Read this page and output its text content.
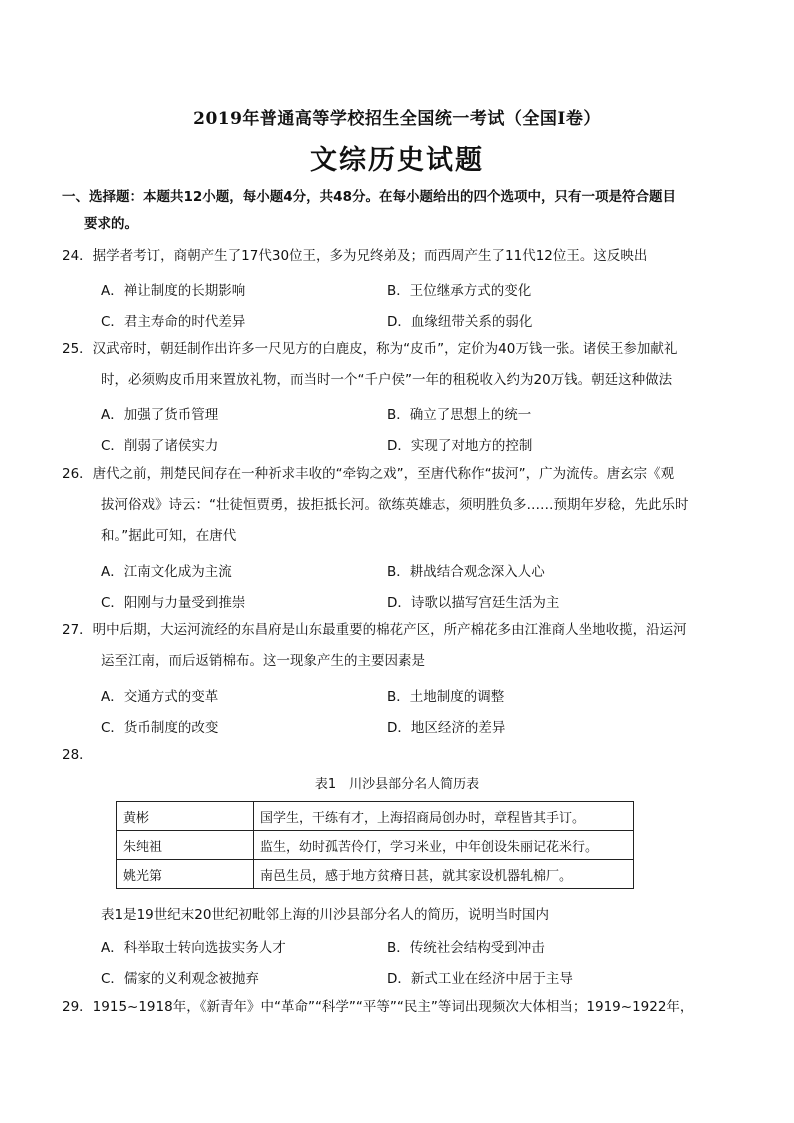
2019年普通高等学校招生全国统一考试（全国Ⅰ卷）
文综历史试题
一、选择题：本题共12小题，每小题4分，共48分。在每小题给出的四个选项中，只有一项是符合题目
要求的。

24．据学者考订，商朝产生了17代30位王，多为兄终弟及；而西周产生了11代12位王。这反映出

A．禅让制度的长期影响	B．王位继承方式的变化
C．君主寿命的时代差异	D．血缘纽带关系的弱化

25．汉武帝时，朝廷制作出许多一尺见方的白鹿皮，称为“皮币”，定价为40万钱一张。诸侯王参加献礼

时，必须购皮币用来置放礼物，而当时一个“千户侯”一年的租税收入约为20万钱。朝廷这种做法

A．加强了货币管理	B．确立了思想上的统一
C．削弱了诸侯实力	D．实现了对地方的控制

26．唐代之前，荆楚民间存在一种祈求丰收的“牵钩之戏”，至唐代称作“拔河”，广为流传。唐玄宗《观

拔河俗戏》诗云：“壮徒恒贾勇，拔拒抵长河。欲练英雄志，须明胜负多……预期年岁稔，先此乐时

和。”据此可知，在唐代

A．江南文化成为主流	B．耕战结合观念深入人心
C．阳刚与力量受到推崇	D．诗歌以描写宫廷生活为主

27．明中后期，大运河流经的东昌府是山东最重要的棉花产区，所产棉花多由江淮商人坐地收揽，沿运河

运至江南，而后返销棉布。这一现象产生的主要因素是

A．交通方式的变革	B．土地制度的调整
C．货币制度的改变	D．地区经济的差异

28．

表1　川沙县部分名人简历表
黄彬	国学生，干练有才，上海招商局创办时，章程皆其手订。
朱纯祖	监生，幼时孤苦伶仃，学习米业，中年创设朱丽记花米行。
姚光第	南邑生员，感于地方贫瘠日甚，就其家设机器轧棉厂。

表1是19世纪末20世纪初毗邻上海的川沙县部分名人的简历，说明当时国内

A．科举取士转向选拔实务人才	B．传统社会结构受到冲击
C．儒家的义利观念被抛弃	D．新式工业在经济中居于主导

29．1915~1918年，《新青年》中“革命”“科学”“平等”“民主”等词出现频次大体相当；1919~1922年，
